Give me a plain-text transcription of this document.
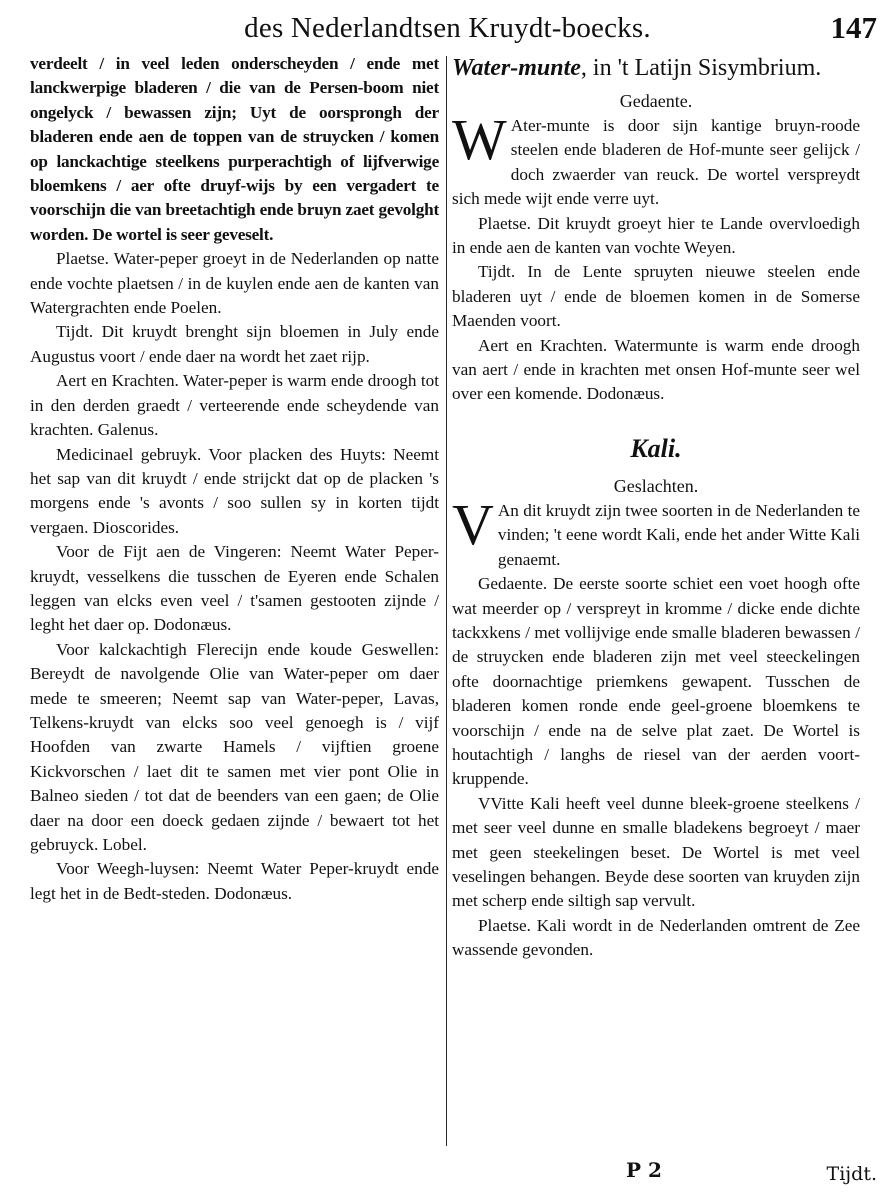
des Nederlandtsen Kruydt-boecks.	147

verdeelt / in veel leden onderscheyden / ende met lanckwerpige bladeren / die van de Persen-boom niet ongelyck / bewassen zijn; Uyt de oorsprongh der bladeren ende aen de toppen van de struycken / komen op lanckachtige steelkens purperachtigh of lijfverwige bloemkens / aer ofte druyf-wijs by een vergadert te voorschijn die van breetachtigh ende bruyn zaet gevolght worden. De wortel is seer geveselt.

Plaetse. Water-peper groeyt in de Nederlanden op natte ende vochte plaetsen / in de kuylen ende aen de kanten van Watergrachten ende Poelen.

Tijdt. Dit kruydt brenght sijn bloemen in July ende Augustus voort / ende daer na wordt het zaet rijp.

Aert en Krachten. Water-peper is warm ende droogh tot in den derden graedt / verteerende ende scheydende van krachten. Galenus.

Medicinael gebruyk. Voor placken des Huyts: Neemt het sap van dit kruydt / ende strijckt dat op de placken 's morgens ende 's avonts / soo sullen sy in korten tijdt vergaen. Dioscorides.

Voor de Fijt aen de Vingeren: Neemt Water Peper-kruydt, vesselkens die tusschen de Eyeren ende Schalen leggen van elcks even veel / t'samen gestooten zijnde / leght het daer op. Dodonæus.

Voor kalckachtigh Flerecijn ende koude Geswellen: Bereydt de navolgende Olie van Water-peper om daer mede te smeeren; Neemt sap van Water-peper, Lavas, Telkens-kruydt van elcks soo veel genoegh is / vijf Hoofden van zwarte Hamels / vijftien groene Kickvorschen / laet dit te samen met vier pont Olie in Balneo sieden / tot dat de beenders van een gaen; de Olie daer na door een doeck gedaen zijnde / bewaert tot het gebruyck. Lobel.

Voor Weegh-luysen: Neemt Water Peper-kruydt ende legt het in de Bedt-steden. Dodonæus.

Water-munte, in 't Latijn Sisymbrium.

Gedaente.

W Ater-munte is door sijn kantige bruyn-roode steelen ende bladeren de Hof-munte seer gelijck / doch zwaerder van reuck. De wortel verspreydt sich mede wijt ende verre uyt.

Plaetse. Dit kruydt groeyt hier te Lande overvloedigh in ende aen de kanten van vochte Weyen.

Tijdt. In de Lente spruyten nieuwe steelen ende bladeren uyt / ende de bloemen komen in de Somerse Maenden voort.

Aert en Krachten. Watermunte is warm ende droogh van aert / ende in krachten met onsen Hof-munte seer wel over een komende. Dodonæus.

Kali.

Geslachten.

V An dit kruydt zijn twee soorten in de Nederlanden te vinden; 't eene wordt Kali, ende het ander Witte Kali genaemt.

Gedaente. De eerste soorte schiet een voet hoogh ofte wat meerder op / verspreyt in kromme / dicke ende dichte tackxkens / met vollijvige ende smalle bladeren bewassen / de struycken ende bladeren zijn met veel steeckelingen ofte doornachtige priemkens gewapent. Tusschen de bladeren komen ronde ende geel-groene bloemkens te voorschijn / ende na de selve plat zaet. De Wortel is houtachtigh / langhs de riesel van der aerden voort-kruppende.

VVitte Kali heeft veel dunne bleek-groene steelkens / met seer veel dunne en smalle bladekens begroeyt / maer met geen steekelingen beset. De Wortel is met veel veselingen behangen. Beyde dese soorten van kruyden zijn met scherp ende siltigh sap vervult.

Plaetse. Kali wordt in de Nederlanden omtrent de Zee wassende gevonden.

P 2	Tijdt.
